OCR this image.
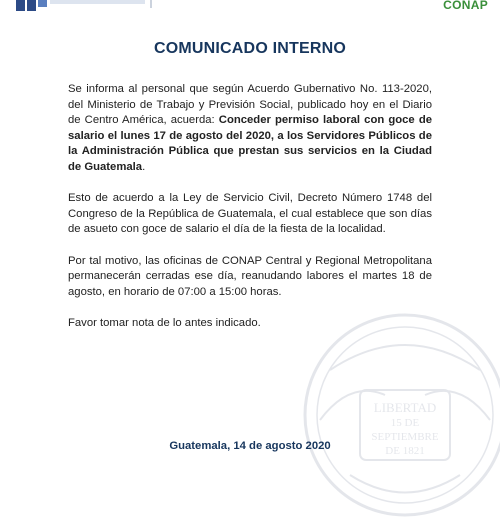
CONAP
LIBERTAD
15 DE
SEPTIEMBRE
DE 1821
COMUNICADO INTERNO

Se informa al personal que según Acuerdo Gubernativo No. 113-2020, del Ministerio de Trabajo y Previsión Social, publicado hoy en el Diario de Centro América, acuerda: Conceder permiso laboral con goce de salario el lunes 17 de agosto del 2020, a los Servidores Públicos de la Administración Pública que prestan sus servicios en la Ciudad de Guatemala.

Esto de acuerdo a la Ley de Servicio Civil, Decreto Número 1748 del Congreso de la República de Guatemala, el cual establece que son días de asueto con goce de salario el día de la fiesta de la localidad.

Por tal motivo, las oficinas de CONAP Central y Regional Metropolitana permanecerán cerradas ese día, reanudando labores el martes 18 de agosto, en horario de 07:00 a 15:00 horas.

Favor tomar nota de lo antes indicado.

Guatemala, 14 de agosto 2020
